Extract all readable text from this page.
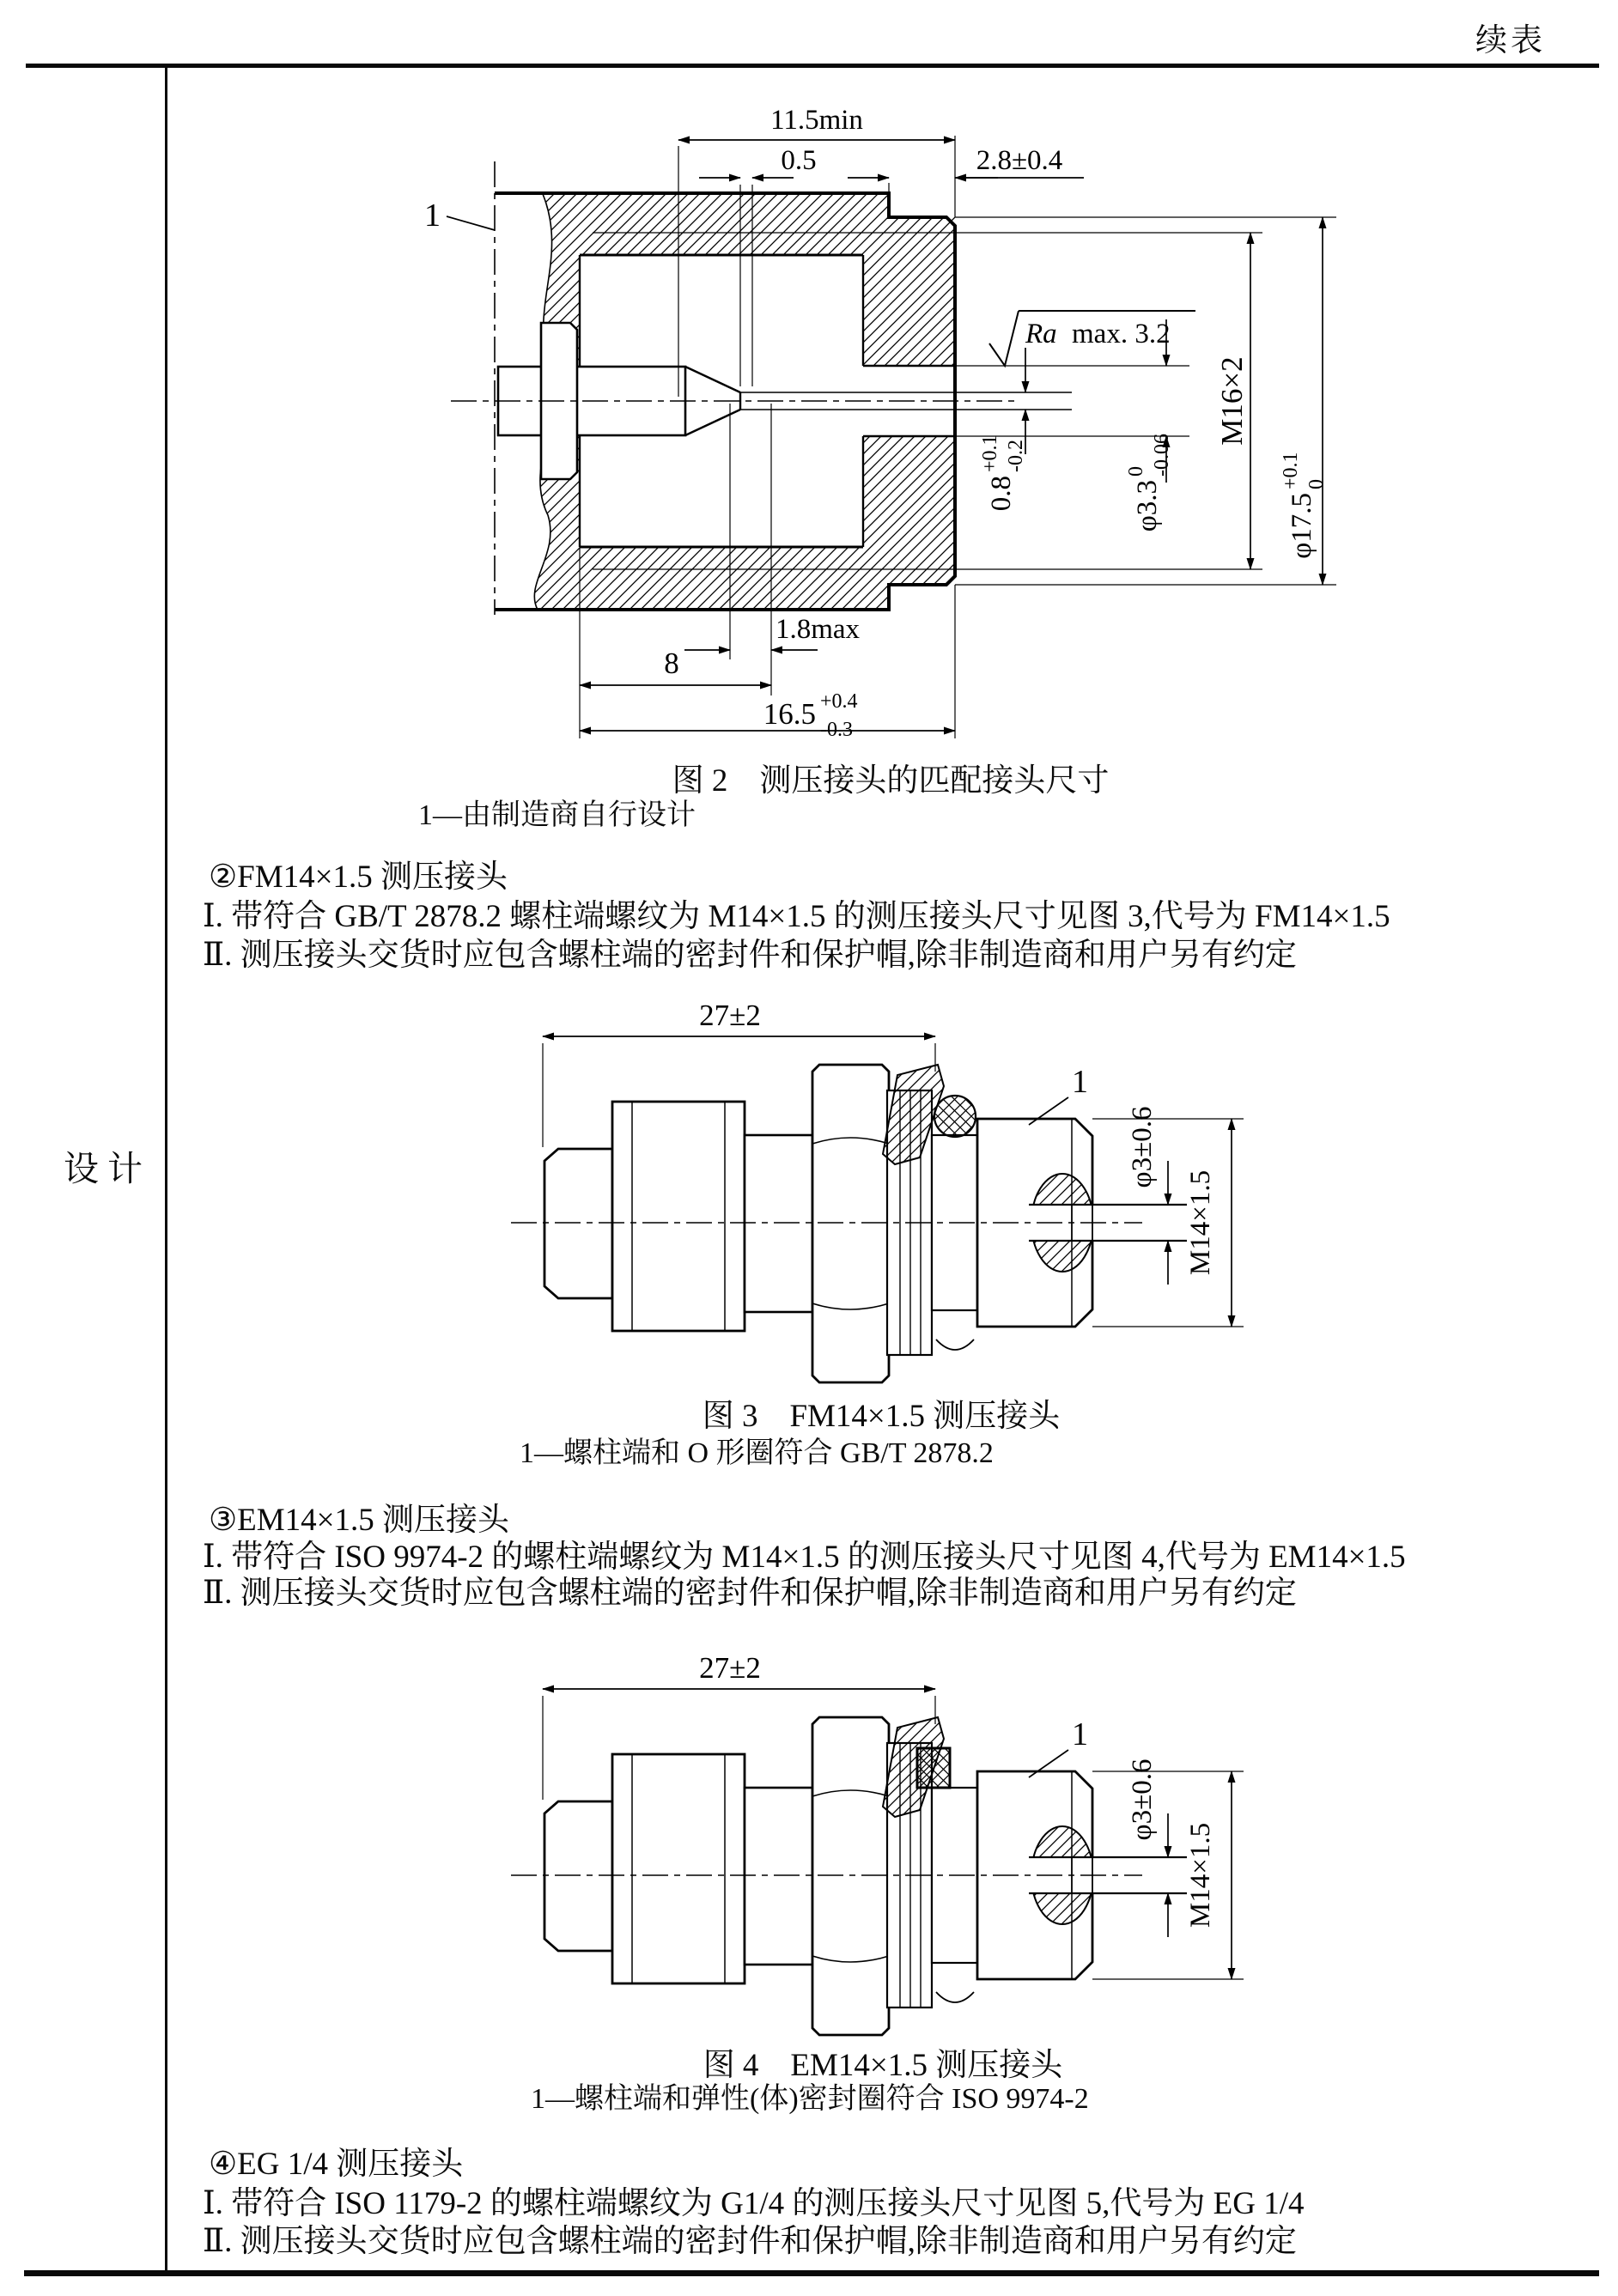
续表
设计
11.5min
0.5	2.8±0.4
1
Ra max. 3.2
0.8
+0.1 -0.2
φ3.3
0 -0.06
M16×2
φ17.5
+0.1 0
1.8max
8
16.5 +0.4
-0.3
图 2　测压接头的匹配接头尺寸
1—由制造商自行设计
②FM14×1.5 测压接头
Ⅰ. 带符合 GB/T 2878.2 螺柱端螺纹为 M14×1.5 的测压接头尺寸见图 3,代号为 FM14×1.5
Ⅱ. 测压接头交货时应包含螺柱端的密封件和保护帽,除非制造商和用户另有约定
27±2
1
φ3±0.6
M14×1.5
图 3　FM14×1.5 测压接头
1—螺柱端和 O 形圈符合 GB/T 2878.2
③EM14×1.5 测压接头
Ⅰ. 带符合 ISO 9974-2 的螺柱端螺纹为 M14×1.5 的测压接头尺寸见图 4,代号为 EM14×1.5
Ⅱ. 测压接头交货时应包含螺柱端的密封件和保护帽,除非制造商和用户另有约定
27±2
1
φ3±0.6
M14×1.5
图 4　EM14×1.5 测压接头
1—螺柱端和弹性(体)密封圈符合 ISO 9974-2
④EG 1/4 测压接头
Ⅰ. 带符合 ISO 1179-2 的螺柱端螺纹为 G1/4 的测压接头尺寸见图 5,代号为 EG 1/4
Ⅱ. 测压接头交货时应包含螺柱端的密封件和保护帽,除非制造商和用户另有约定
